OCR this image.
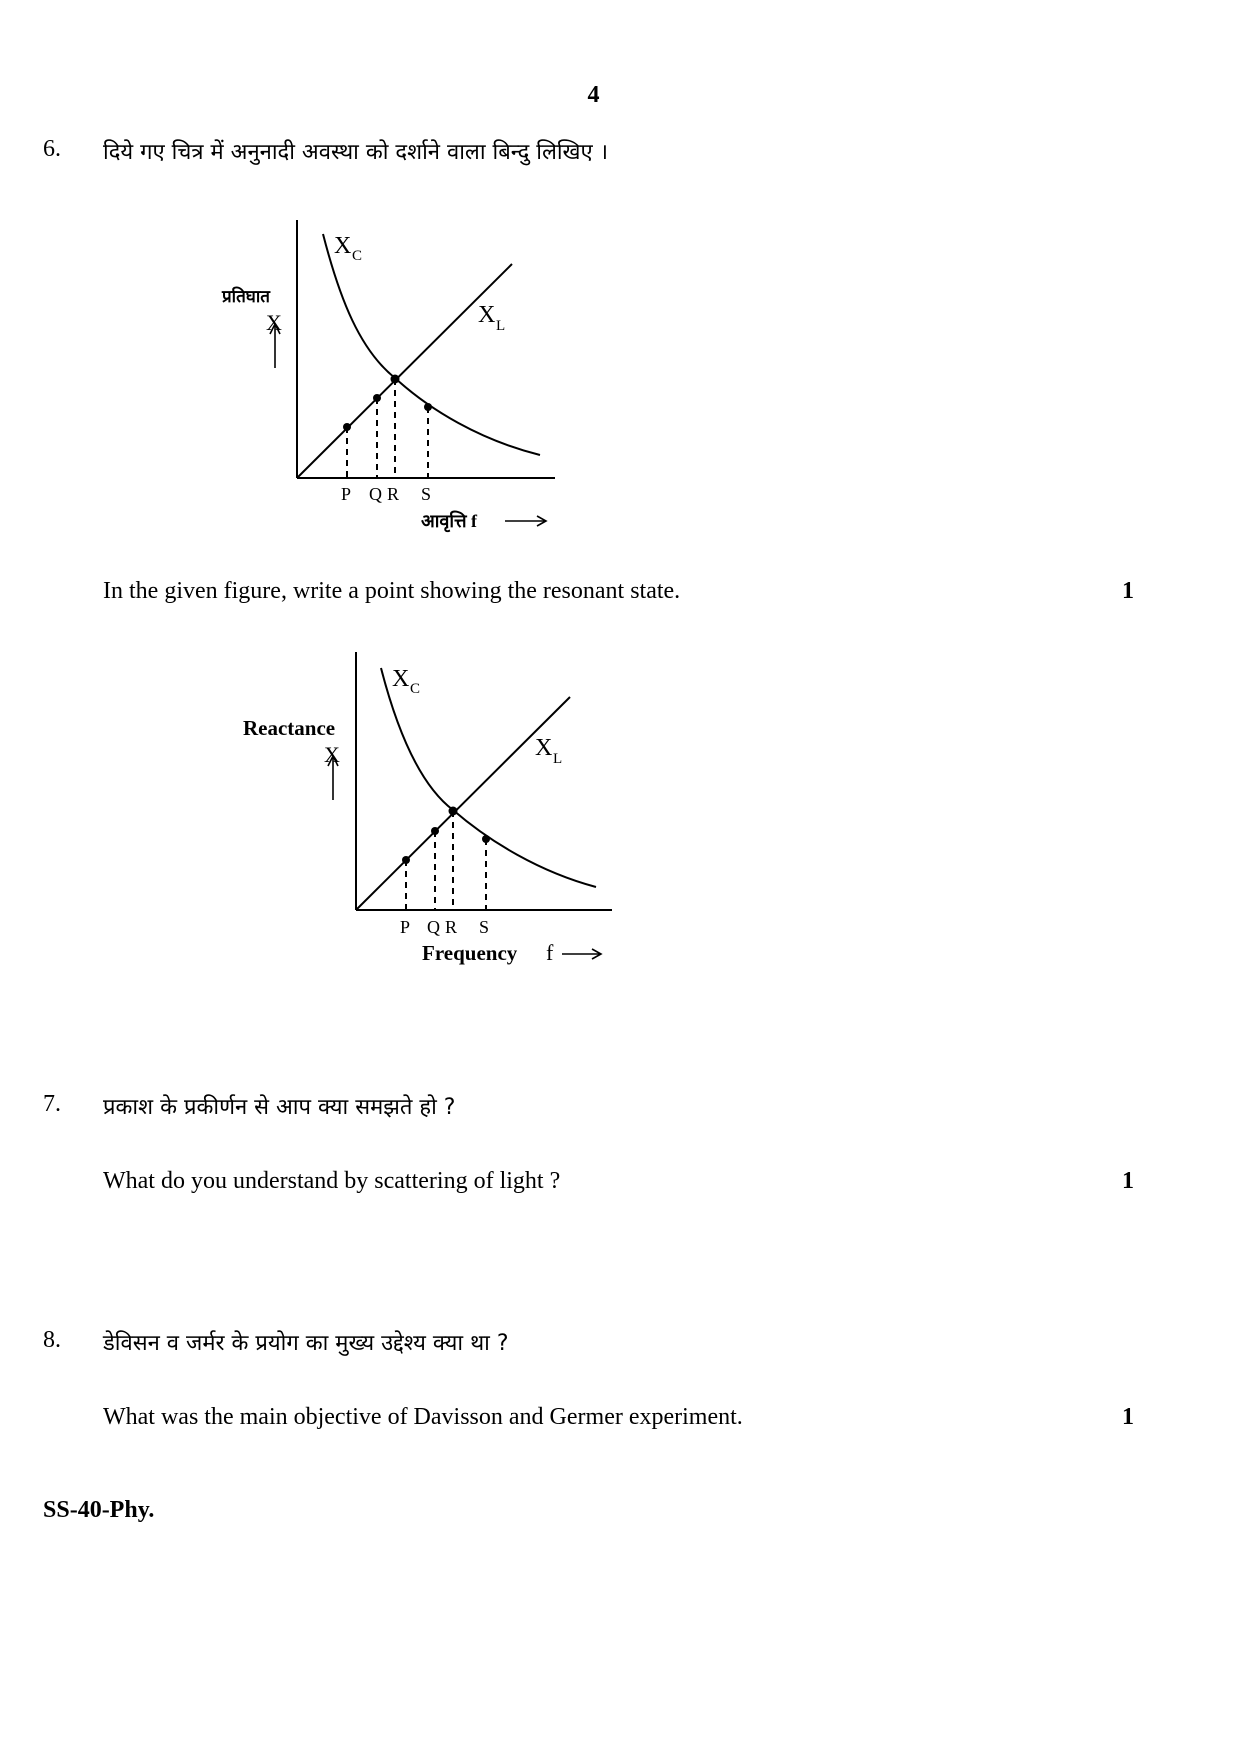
4
6. दिये गए चित्र में अनुनादी अवस्था को दर्शाने वाला बिन्दु लिखिए ।
प्रतिघात
X
X C
X L
P Q R S
आवृत्ति f
In the given figure, write a point showing the resonant state.	1
Reactance
X
X C
X L
P Q R S
Frequency f
7. प्रकाश के प्रकीर्णन से आप क्या समझते हो ?
What do you understand by scattering of light ?	1
8. डेविसन व जर्मर के प्रयोग का मुख्य उद्देश्य क्या था ?
What was the main objective of Davisson and Germer experiment.	1
SS-40-Phy.
